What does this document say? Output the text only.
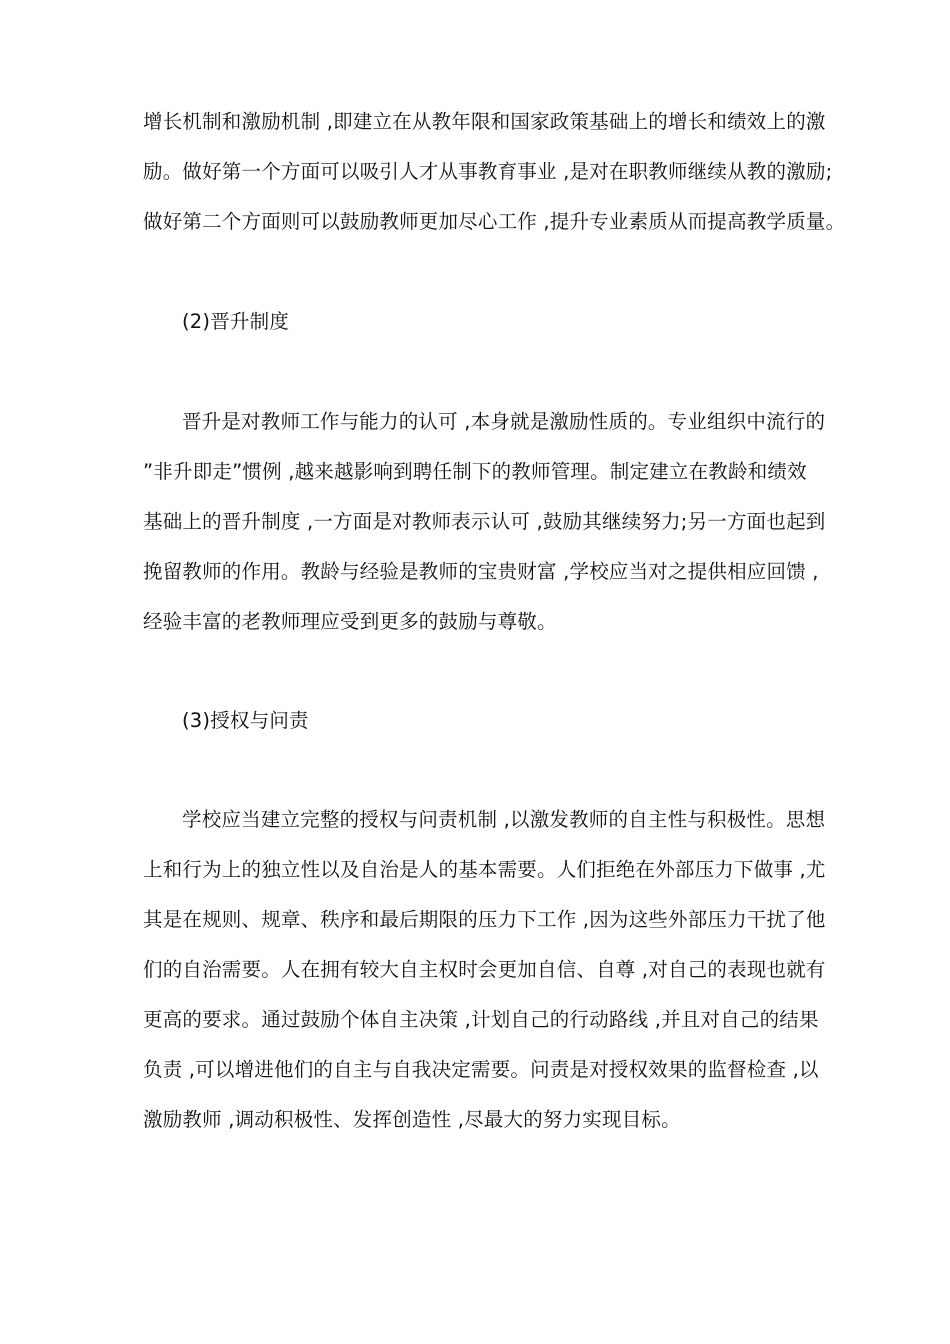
增长机制和激励机制 ,即建立在从教年限和国家政策基础上的增长和绩效上的激
励。做好第一个方面可以吸引人才从事教育事业 ,是对在职教师继续从教的激励;
做好第二个方面则可以鼓励教师更加尽心工作 ,提升专业素质从而提高教学质量。
(2)晋升制度
晋升是对教师工作与能力的认可 ,本身就是激励性质的。专业组织中流行的
”非升即走”惯例 ,越来越影响到聘任制下的教师管理。制定建立在教龄和绩效
基础上的晋升制度 ,一方面是对教师表示认可 ,鼓励其继续努力;另一方面也起到
挽留教师的作用。教龄与经验是教师的宝贵财富 ,学校应当对之提供相应回馈 ,
经验丰富的老教师理应受到更多的鼓励与尊敬。
(3)授权与问责
学校应当建立完整的授权与问责机制 ,以激发教师的自主性与积极性。思想
上和行为上的独立性以及自治是人的基本需要。人们拒绝在外部压力下做事 ,尤
其是在规则、规章、秩序和最后期限的压力下工作 ,因为这些外部压力干扰了他
们的自治需要。人在拥有较大自主权时会更加自信、自尊 ,对自己的表现也就有
更高的要求。通过鼓励个体自主决策 ,计划自己的行动路线 ,并且对自己的结果
负责 ,可以增进他们的自主与自我决定需要。问责是对授权效果的监督检查 ,以
激励教师 ,调动积极性、发挥创造性 ,尽最大的努力实现目标。
